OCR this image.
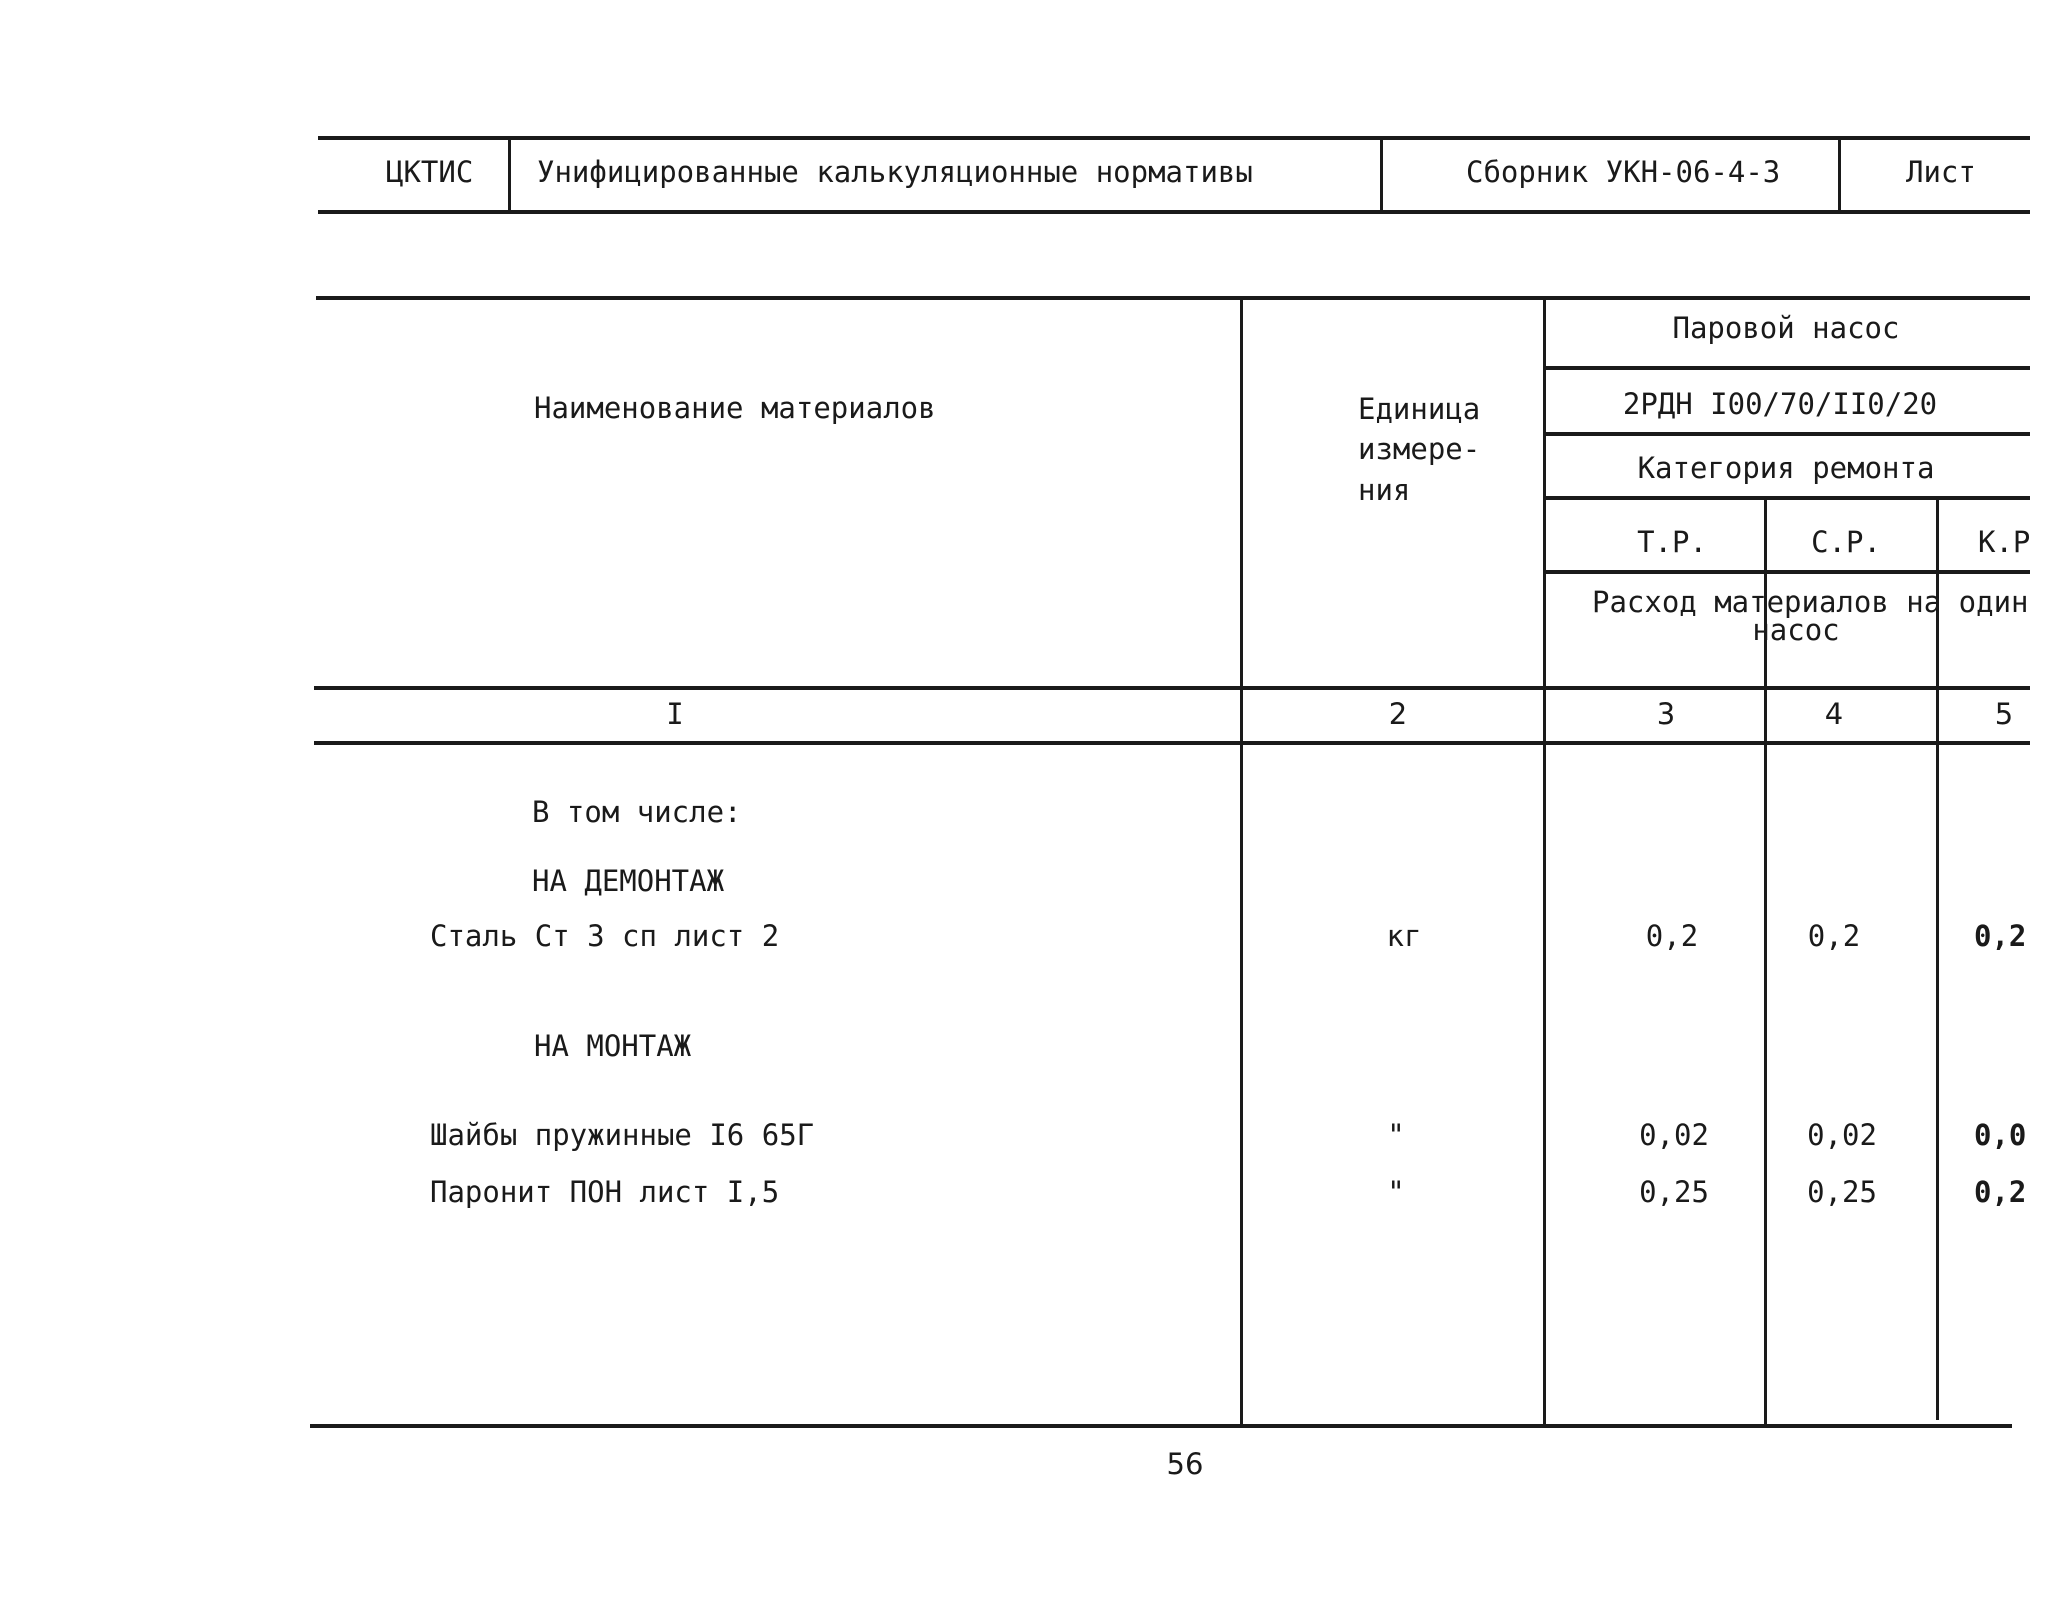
ЦКТИС Унифицированные калькуляционные нормативы	Сборник УКН-06-4-3	Лист
Наименование материалов	Единица
измере-
ния
Паровой насос
2РДН I00/70/II0/20
Категория ремонта
Т.Р.	С.Р.	К.Р
Расход материалов на один
насос
I	2	3	4	5
В том числе:
НА ДЕМОНТАЖ
Сталь Ст 3 сп лист 2	кг	0,2	0,2	0,2
НА МОНТАЖ
Шайбы пружинные I6 65Г	"	0,02	0,02	0,0
Паронит ПОН лист I,5	"	0,25	0,25	0,2
56
